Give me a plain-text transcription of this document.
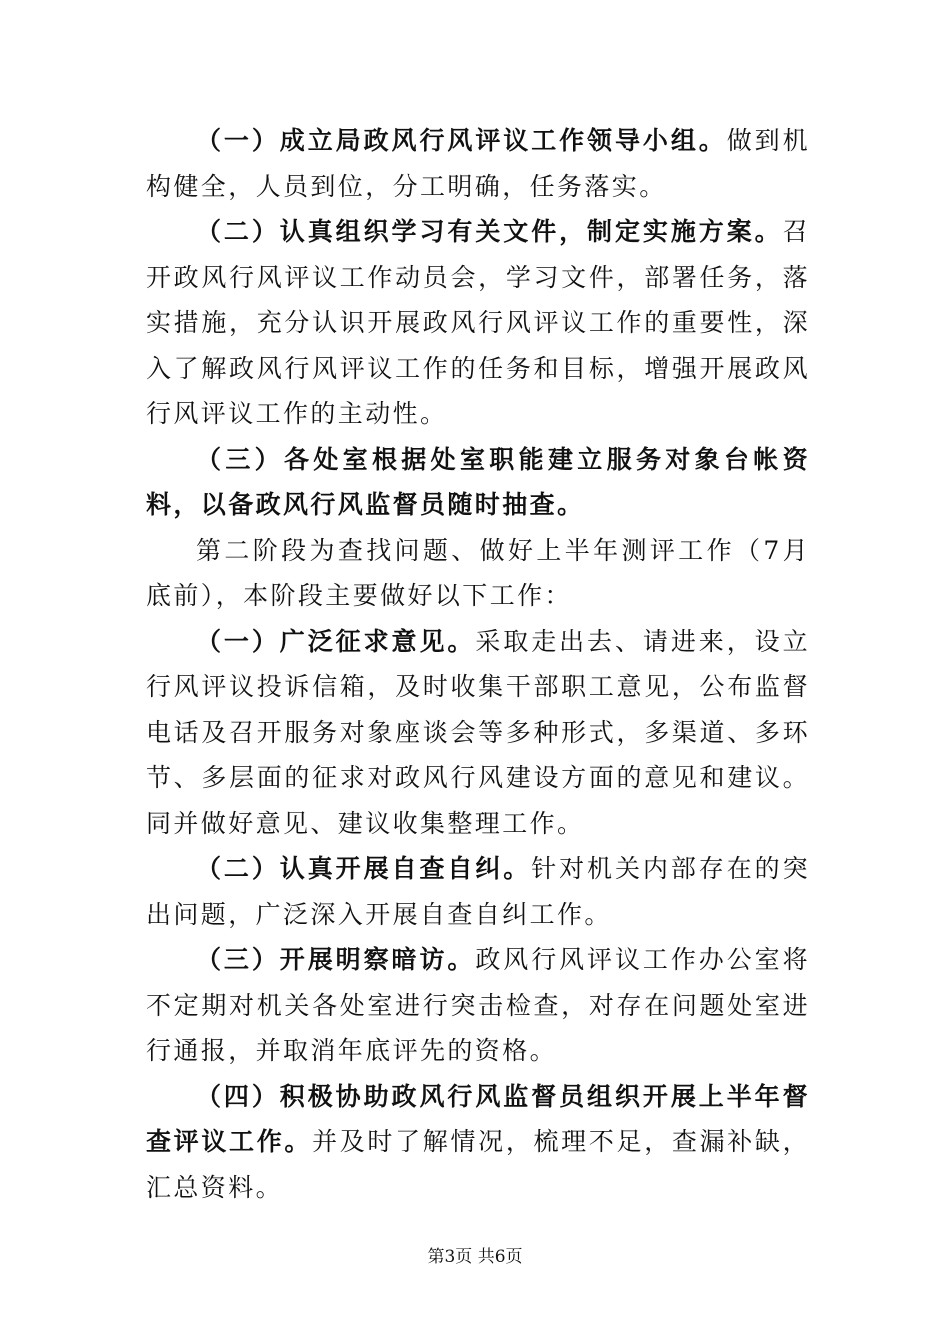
（一）成立局政风行风评议工作领导小组。做到机构健全，人员到位，分工明确，任务落实。

（二）认真组织学习有关文件，制定实施方案。召开政风行风评议工作动员会，学习文件，部署任务，落实措施，充分认识开展政风行风评议工作的重要性，深入了解政风行风评议工作的任务和目标，增强开展政风行风评议工作的主动性。

（三）各处室根据处室职能建立服务对象台帐资料，以备政风行风监督员随时抽查。

第二阶段为查找问题、做好上半年测评工作（7月底前），本阶段主要做好以下工作：

（一）广泛征求意见。采取走出去、请进来，设立行风评议投诉信箱，及时收集干部职工意见，公布监督电话及召开服务对象座谈会等多种形式，多渠道、多环节、多层面的征求对政风行风建设方面的意见和建议。同并做好意见、建议收集整理工作。

（二）认真开展自查自纠。针对机关内部存在的突出问题，广泛深入开展自查自纠工作。

（三）开展明察暗访。政风行风评议工作办公室将不定期对机关各处室进行突击检查，对存在问题处室进行通报，并取消年底评先的资格。

（四）积极协助政风行风监督员组织开展上半年督查评议工作。并及时了解情况，梳理不足，查漏补缺，汇总资料。

第3页 共6页
